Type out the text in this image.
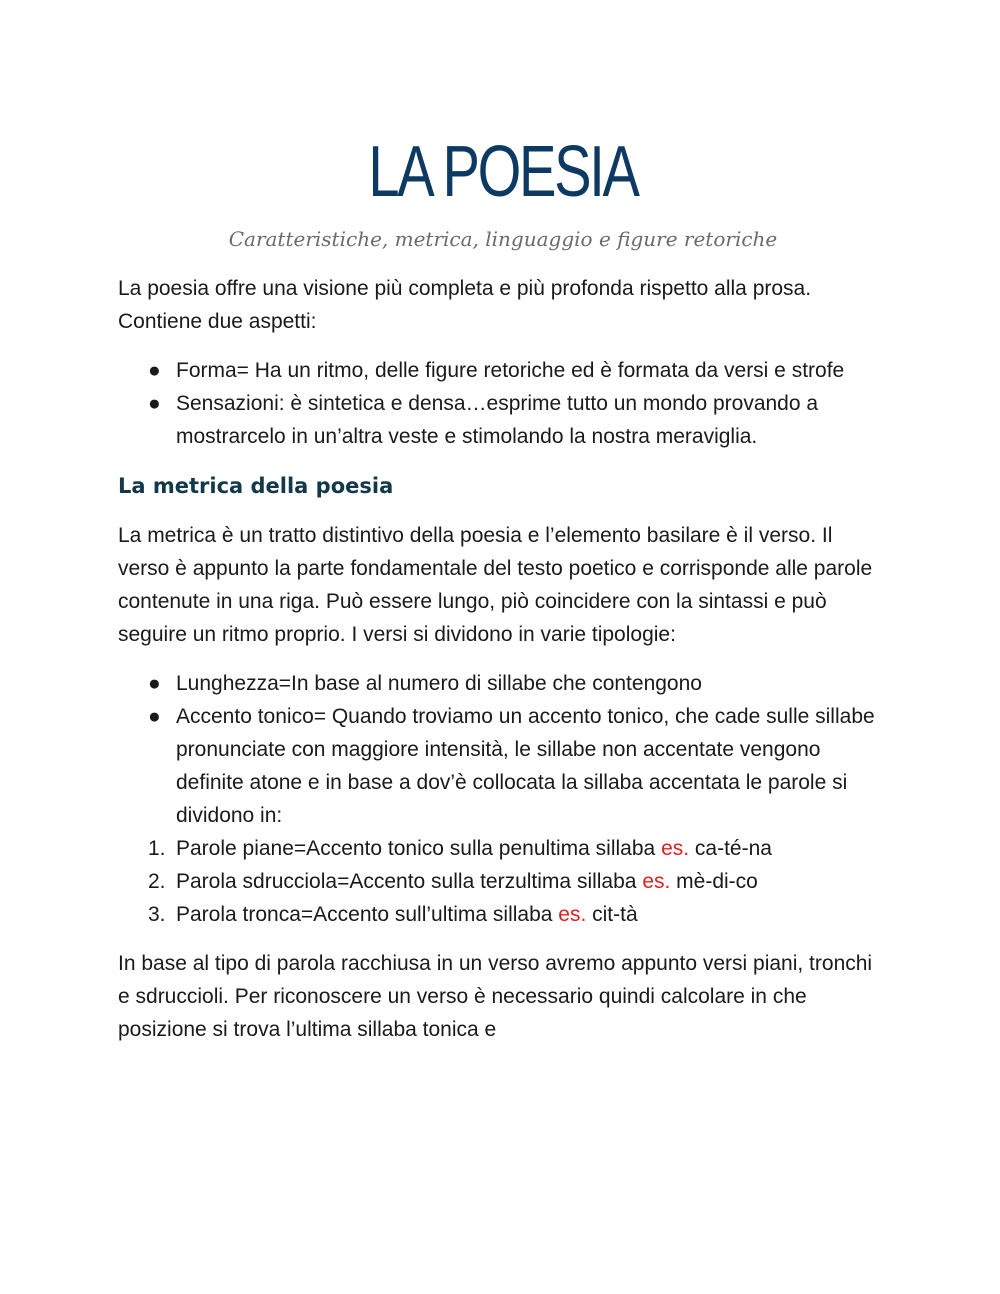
LA POESIA
Caratteristiche, metrica, linguaggio e figure retoriche

La poesia offre una visione più completa e più profonda rispetto alla prosa. Contiene due aspetti:

● Forma= Ha un ritmo, delle figure retoriche ed è formata da versi e strofe
● Sensazioni: è sintetica e densa…esprime tutto un mondo provando a mostrarcelo in un’altra veste e stimolando la nostra meraviglia.
La metrica della poesia

La metrica è un tratto distintivo della poesia e l’elemento basilare è il verso. Il verso è appunto la parte fondamentale del testo poetico e corrisponde alle parole contenute in una riga. Può essere lungo, piò coincidere con la sintassi e può seguire un ritmo proprio. I versi si dividono in varie tipologie:

● Lunghezza=In base al numero di sillabe che contengono
● Accento tonico= Quando troviamo un accento tonico, che cade sulle sillabe pronunciate con maggiore intensità, le sillabe non accentate vengono definite atone e in base a dov’è collocata la sillaba accentata le parole si dividono in:
1. Parole piane=Accento tonico sulla penultima sillaba es. ca-té-na
2. Parola sdrucciola=Accento sulla terzultima sillaba es. mè-di-co
3. Parola tronca=Accento sull’ultima sillaba es. cit-tà

In base al tipo di parola racchiusa in un verso avremo appunto versi piani, tronchi e sdruccioli. Per riconoscere un verso è necessario quindi calcolare in che posizione si trova l’ultima sillaba tonica e
